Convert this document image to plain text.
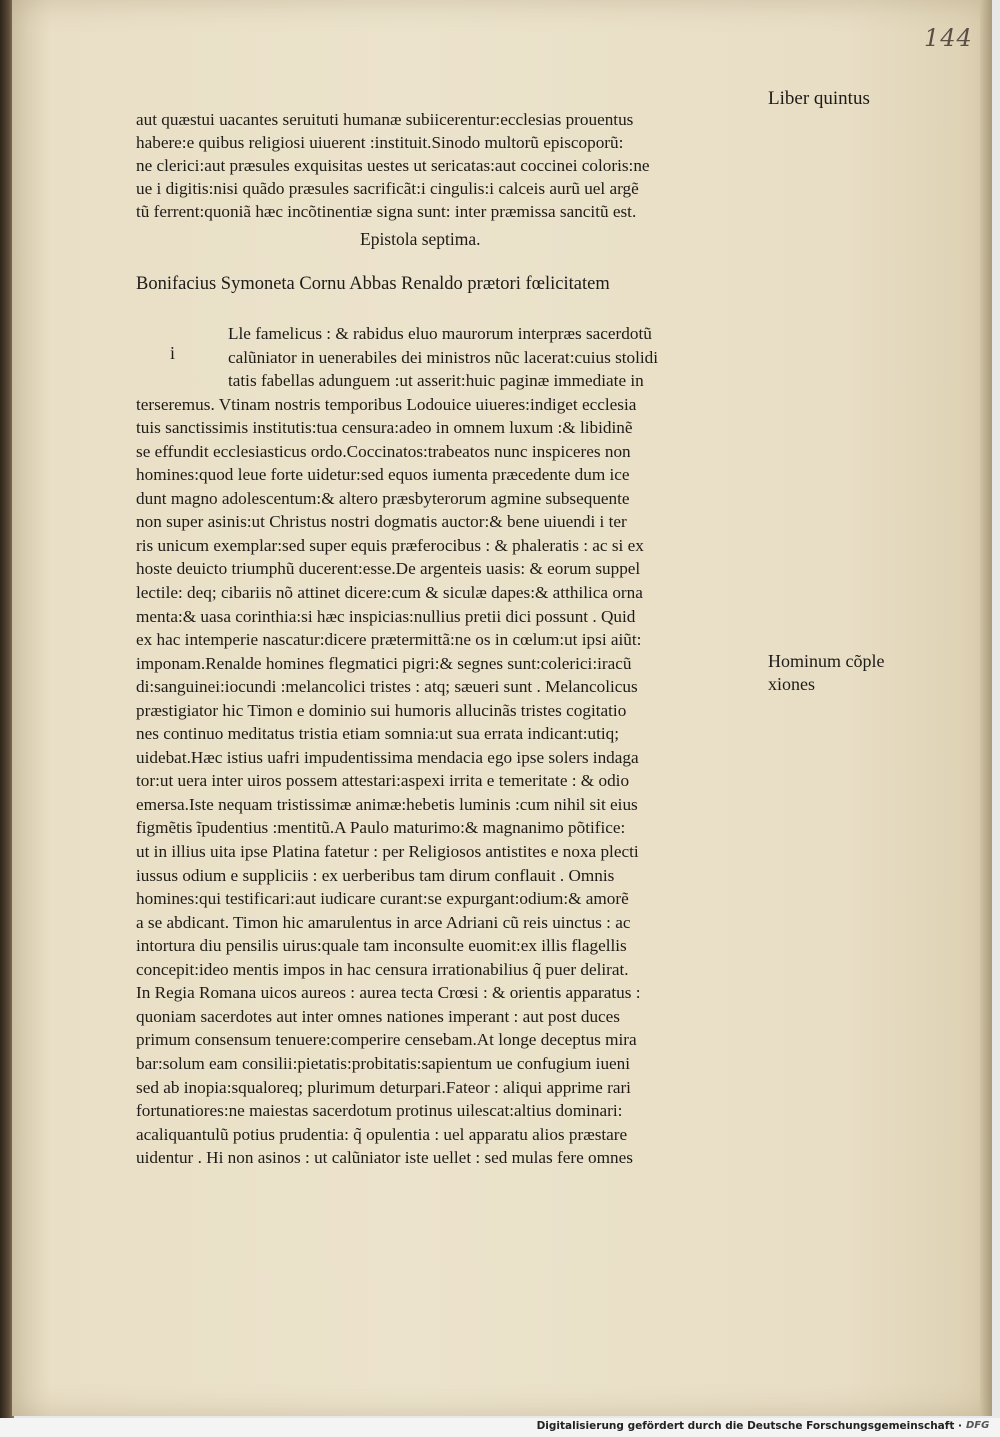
144
Liber quintus
aut quæstui uacantes seruituti humanæ subiicerentur:ecclesias prouentus
habere:e quibus religiosi uiuerent :instituit.Sinodo multorũ episcoporũ:
ne clerici:aut præsules exquisitas uestes ut sericatas:aut coccinei coloris:ne
ue i digitis:nisi quãdo præsules sacrificãt:i cingulis:i calceis aurũ uel argẽ
tũ ferrent:quoniã hæc incõtinentiæ signa sunt: inter præmissa sancitũ est.
Epistola septima.
Bonifacius Symoneta Cornu Abbas Renaldo prætori fœlicitatem
i
Lle famelicus : & rabidus eluo maurorum interpræs sacerdotũ
calũniator in uenerabiles dei ministros nũc lacerat:cuius stolidi
tatis fabellas adunguem :ut asserit:huic paginæ immediate in
terseremus. Vtinam nostris temporibus Lodouice uiueres:indiget ecclesia
tuis sanctissimis institutis:tua censura:adeo in omnem luxum :& libidinẽ
se effundit ecclesiasticus ordo.Coccinatos:trabeatos nunc inspiceres non
homines:quod leue forte uidetur:sed equos iumenta præcedente dum ice
dunt magno adolescentum:& altero præsbyterorum agmine subsequente
non super asinis:ut Christus nostri dogmatis auctor:& bene uiuendi i ter
ris unicum exemplar:sed super equis præferocibus : & phaleratis : ac si ex
hoste deuicto triumphũ ducerent:esse.De argenteis uasis: & eorum suppel
lectile: deq; cibariis nõ attinet dicere:cum & siculæ dapes:& atthilica orna
menta:& uasa corinthia:si hæc inspicias:nullius pretii dici possunt . Quid
ex hac intemperie nascatur:dicere prætermittã:ne os in cœlum:ut ipsi aiũt:
imponam.Renalde homines flegmatici pigri:& segnes sunt:colerici:iracũ
di:sanguinei:iocundi :melancolici tristes : atq; sæueri sunt . Melancolicus
præstigiator hic Timon e dominio sui humoris allucinãs tristes cogitatio
nes continuo meditatus tristia etiam somnia:ut sua errata indicant:utiq;
uidebat.Hæc istius uafri impudentissima mendacia ego ipse solers indaga
tor:ut uera inter uiros possem attestari:aspexi irrita e temeritate : & odio
emersa.Iste nequam tristissimæ animæ:hebetis luminis :cum nihil sit eius
figmẽtis ĩpudentius :mentitũ.A Paulo maturimo:& magnanimo põtifice:
ut in illius uita ipse Platina fatetur : per Religiosos antistites e noxa plecti
iussus odium e suppliciis : ex uerberibus tam dirum conflauit . Omnis
homines:qui testificari:aut iudicare curant:se expurgant:odium:& amorẽ
a se abdicant. Timon hic amarulentus in arce Adriani cũ reis uinctus : ac
intortura diu pensilis uirus:quale tam inconsulte euomit:ex illis flagellis
concepit:ideo mentis impos in hac censura irrationabilius q̃ puer delirat.
In Regia Romana uicos aureos : aurea tecta Crœsi : & orientis apparatus :
quoniam sacerdotes aut inter omnes nationes imperant : aut post duces
primum consensum tenuere:comperire censebam.At longe deceptus mira
bar:solum eam consilii:pietatis:probitatis:sapientum ue confugium iueni
sed ab inopia:squaloreq; plurimum deturpari.Fateor : aliqui apprime rari
fortunatiores:ne maiestas sacerdotum protinus uilescat:altius dominari:
acaliquantulũ potius prudentia: q̃ opulentia : uel apparatu alios præstare
uidentur . Hi non asinos : ut calũniator iste uellet : sed mulas fere omnes
Hominum cõple
xiones
Digitalisierung gefördert durch die Deutsche Forschungsgemeinschaft · DFG
